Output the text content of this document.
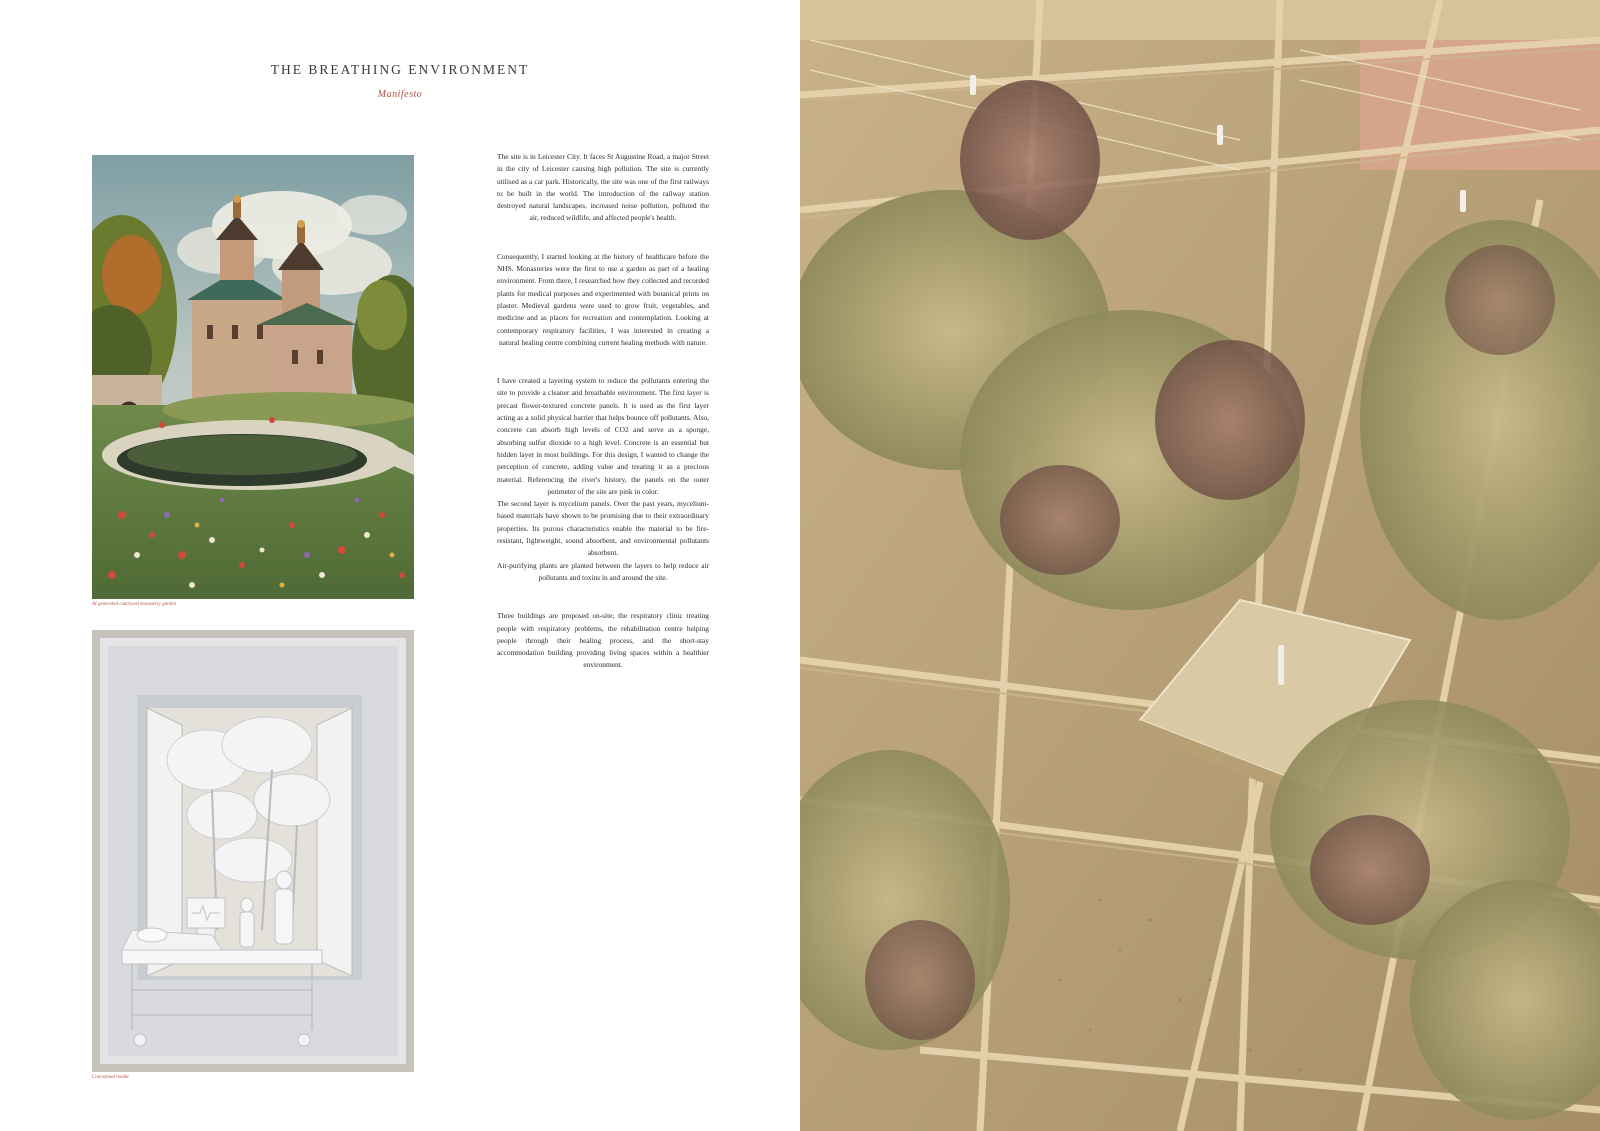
THE BREATHING ENVIRONMENT
Manifesto
AI generated courtyard monastery garden
Conceptual model

The site is in Leicester City. It faces St Augustine Road, a major Street in the city of Leicester causing high pollution. The site is currently utilised as a car park. Historically, the site was one of the first railways to be built in the world. The introduction of the railway station destroyed natural landscapes, increased noise pollution, polluted the air, reduced wildlife, and affected people's health.

Consequently, I started looking at the history of healthcare before the NHS. Monasteries were the first to use a garden as part of a healing environment. From there, I researched how they collected and recorded plants for medical purposes and experimented with botanical prints on plaster. Medieval gardens were used to grow fruit, vegetables, and medicine and as places for recreation and contemplation. Looking at contemporary respiratory facilities, I was interested in creating a natural healing centre combining current healing methods with nature.

I have created a layering system to reduce the pollutants entering the site to provide a cleaner and breathable environment. The first layer is precast flower-textured concrete panels. It is used as the first layer acting as a solid physical barrier that helps bounce off pollutants. Also, concrete can absorb high levels of CO2 and serve as a sponge, absorbing sulfur dioxide to a high level. Concrete is an essential but hidden layer in most buildings. For this design, I wanted to change the perception of concrete, adding value and treating it as a precious material. Referencing the river's history, the panels on the outer perimeter of the site are pink in color.

The second layer is mycelium panels. Over the past years, mycelium-based materials have shown to be promising due to their extraordinary properties. Its porous characteristics enable the material to be fire-resistant, lightweight, sound absorbent, and environmental pollutants absorbent.

Air-purifying plants are planted between the layers to help reduce air pollutants and toxins in and around the site.

Three buildings are proposed on-site; the respiratory clinic treating people with respiratory problems, the rehabilitation centre helping people through their healing process, and the short-stay accommodation building providing living spaces within a healthier environment.
